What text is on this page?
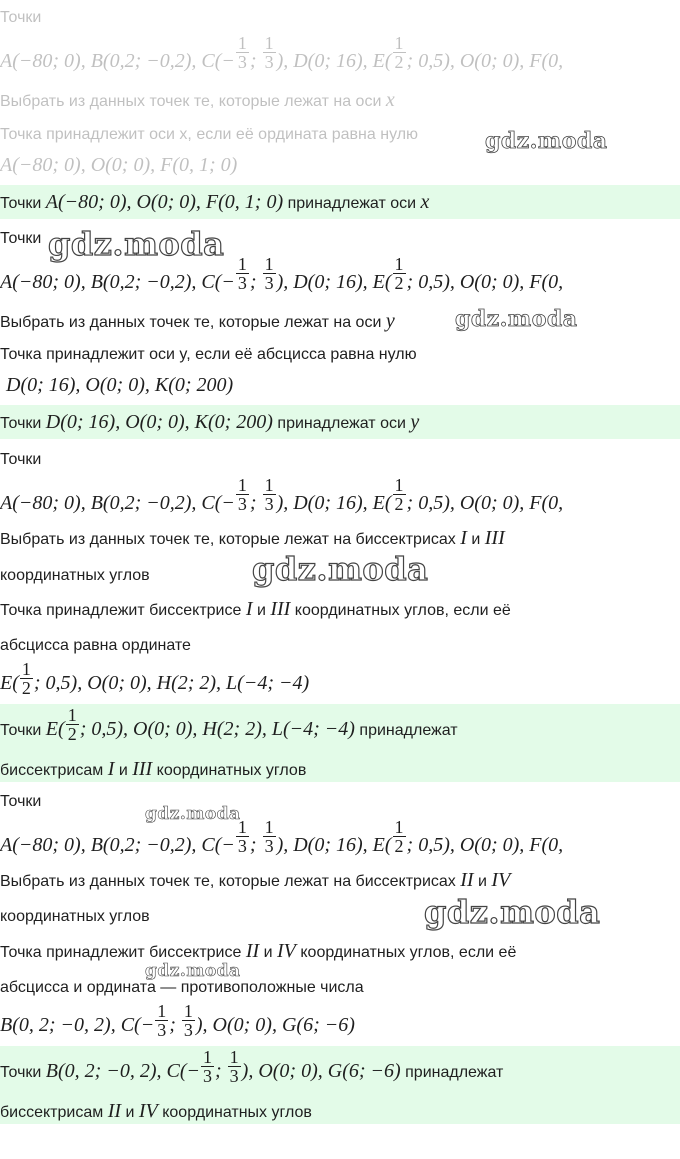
Точки
A(−80; 0), B(0,2; −0,2), $C(- \frac{1}{3}$ ; $\frac{1}{3}$ ), D(0; 16), $E( \frac{1}{2}$ ; 0,5), O(0; 0), F(0,
Выбрать из данных точек те, которые лежат на оси x
Точка принадлежит оси x, если её ордината равна нулю
A(−80; 0), O(0; 0), F(0, 1; 0)
Точки A(−80; 0), O(0; 0), F(0, 1; 0) принадлежат оси x
Точки
A(−80; 0), B(0,2; −0,2), $C(- \frac{1}{3}$ ; $\frac{1}{3}$ ), D(0; 16), $E( \frac{1}{2}$ ; 0,5), O(0; 0), F(0,
Выбрать из данных точек те, которые лежат на оси y
Точка принадлежит оси y, если её абсцисса равна нулю
D(0; 16), O(0; 0), K(0; 200)
Точки D(0; 16), O(0; 0), K(0; 200) принадлежат оси y
Точки
A(−80; 0), B(0,2; −0,2), $C(- \frac{1}{3}$ ; $\frac{1}{3}$ ), D(0; 16), $E( \frac{1}{2}$ ; 0,5), O(0; 0), F(0,
Выбрать из данных точек те, которые лежат на биссектрисах I и III
координатных углов
Точка принадлежит биссектрисе I и III координатных углов, если её
абсцисса равна ординате
$E( \frac{1}{2}$ ; 0,5), O(0; 0), H(2; 2), L(−4; −4)
Точки $E( \frac{1}{2}$ ; 0,5), O(0; 0), H(2; 2), L(−4; −4) принадлежат
биссектрисам I и III координатных углов
Точки
A(−80; 0), B(0,2; −0,2), $C(- \frac{1}{3}$ ; $\frac{1}{3}$ ), D(0; 16), $E( \frac{1}{2}$ ; 0,5), O(0; 0), F(0,
Выбрать из данных точек те, которые лежат на биссектрисах II и IV
координатных углов
Точка принадлежит биссектрисе II и IV координатных углов, если её
абсцисса и ордината — противоположные числа
B(0, 2; −0, 2), $C(- \frac{1}{3}$ ; $\frac{1}{3}$ ), O(0; 0), G(6; −6)
Точки B(0, 2; −0, 2), $C(- \frac{1}{3}$ ; $\frac{1}{3}$ ), O(0; 0), G(6; −6) принадлежат
биссектрисам II и IV координатных углов
gdz.moda
gdz.moda
gdz.moda
gdz.moda
gdz.moda
gdz.moda
gdz.moda
